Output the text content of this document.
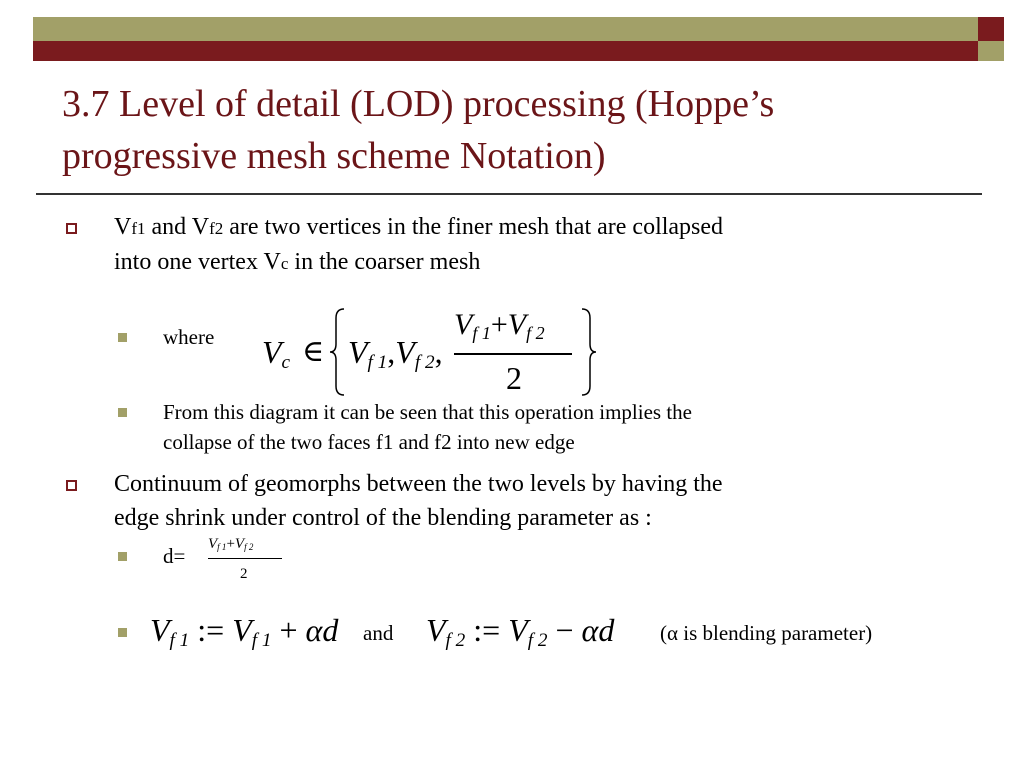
3.7 Level of detail (LOD) processing (Hoppe’s
progressive mesh scheme Notation)
Vf1 and Vf2 are two vertices in the finer mesh that are collapsed
into one vertex Vc in the coarser mesh
where Vc ∈ Vf 1,Vf 2,
Vf 1+Vf 2
2
From this diagram it can be seen that this operation implies the
collapse of the two faces f1 and f2 into new edge
Continuum of geomorphs between the two levels by having the
edge shrink under control of the blending parameter as :
d= Vf 1+Vf 2
2
Vf 1 := Vf 1 + αd and Vf 2 := Vf 2 − αd (α is blending parameter)
